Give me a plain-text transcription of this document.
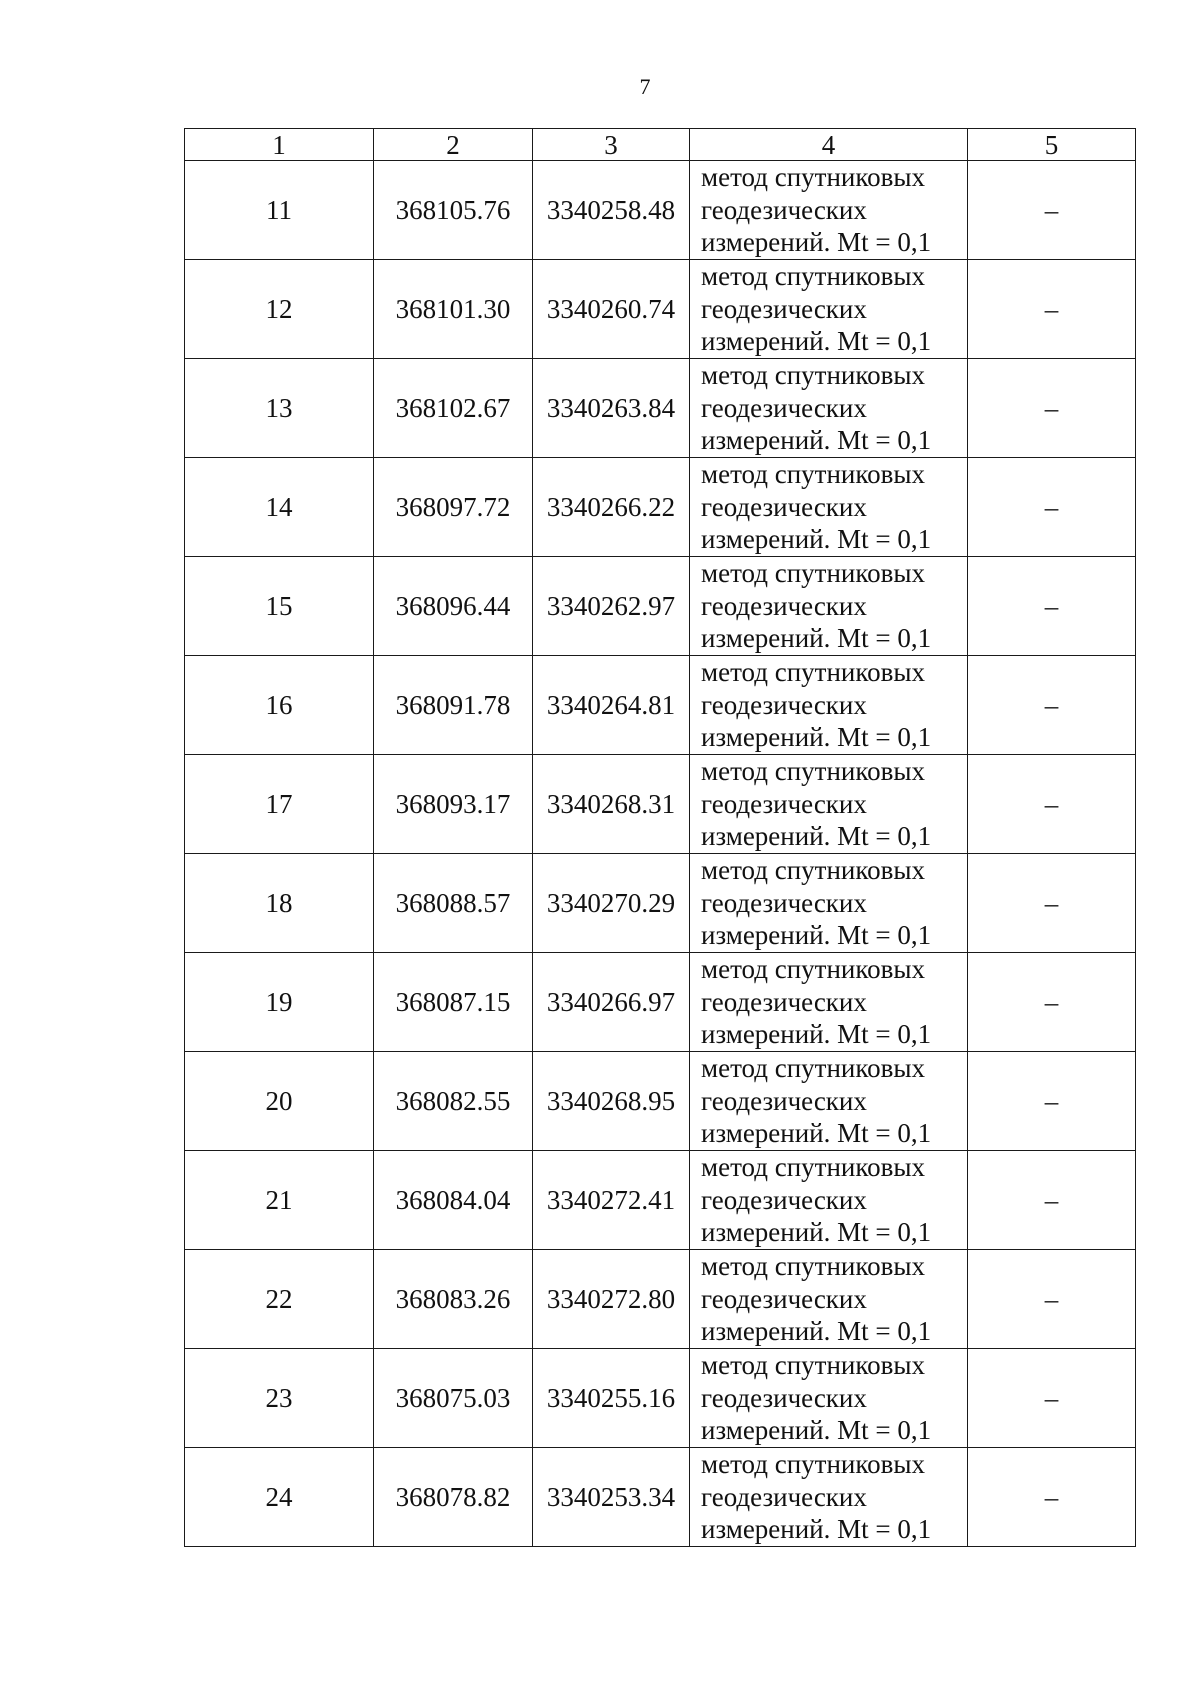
7
1	2	3	4	5
11	368105.76	3340258.48	метод спутниковых
геодезических
измерений. Mt = 0,1	–
12	368101.30	3340260.74	метод спутниковых
геодезических
измерений. Mt = 0,1	–
13	368102.67	3340263.84	метод спутниковых
геодезических
измерений. Mt = 0,1	–
14	368097.72	3340266.22	метод спутниковых
геодезических
измерений. Mt = 0,1	–
15	368096.44	3340262.97	метод спутниковых
геодезических
измерений. Mt = 0,1	–
16	368091.78	3340264.81	метод спутниковых
геодезических
измерений. Mt = 0,1	–
17	368093.17	3340268.31	метод спутниковых
геодезических
измерений. Mt = 0,1	–
18	368088.57	3340270.29	метод спутниковых
геодезических
измерений. Mt = 0,1	–
19	368087.15	3340266.97	метод спутниковых
геодезических
измерений. Mt = 0,1	–
20	368082.55	3340268.95	метод спутниковых
геодезических
измерений. Mt = 0,1	–
21	368084.04	3340272.41	метод спутниковых
геодезических
измерений. Mt = 0,1	–
22	368083.26	3340272.80	метод спутниковых
геодезических
измерений. Mt = 0,1	–
23	368075.03	3340255.16	метод спутниковых
геодезических
измерений. Mt = 0,1	–
24	368078.82	3340253.34	метод спутниковых
геодезических
измерений. Mt = 0,1	–
